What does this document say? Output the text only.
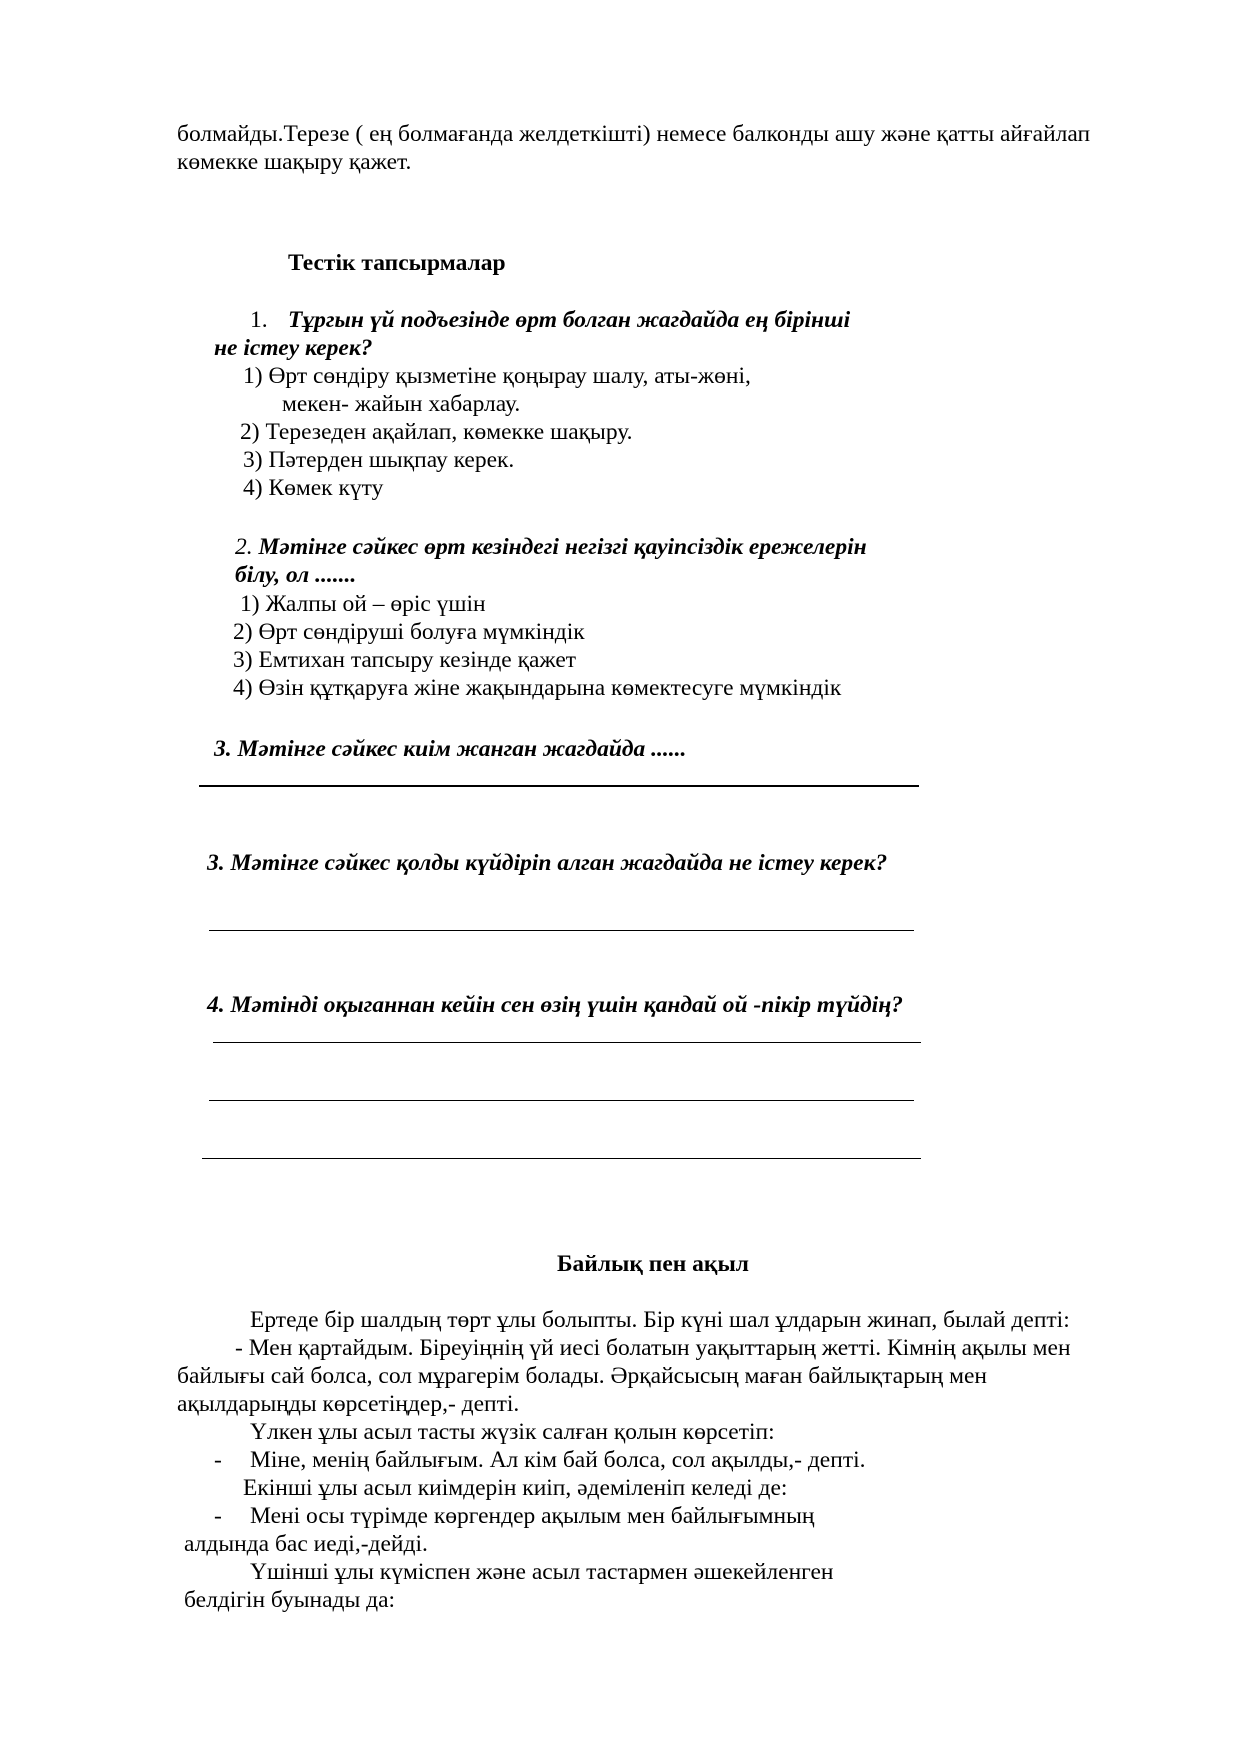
болмайды.Терезе ( ең болмағанда желдеткішті) немесе балконды ашу және қатты айғайлап
көмекке шақыру қажет.
Тестік тапсырмалар
1. Тұргын үй подъезінде өрт болган жагдайда ең бірінші
не істеу керек?
1) Өрт сөндіру қызметіне қоңырау шалу, аты-жөні,
мекен- жайын хабарлау.
2) Терезеден ақайлап, көмекке шақыру.
3) Пәтерден шықпау керек.
4) Көмек күту
2. Мәтінге сәйкес өрт кезіндегі негізгі қауіпсіздік ережелерін
білу, ол .......
1) Жалпы ой – өріс үшін
2) Өрт сөндіруші болуға мүмкіндік
3) Емтихан тапсыру кезінде қажет
4) Өзін құтқаруға жіне жақындарына көмектесуге мүмкіндік
3. Мәтінге сәйкес киім жанган жагдайда ......
3. Мәтінге сәйкес қолды күйдіріп алган жагдайда не істеу керек?
4. Мәтінді оқыганнан кейін сен өзің үшін қандай ой -пікір түйдің?
Байлық пен ақыл
Ертеде бір шалдың төрт ұлы болыпты. Бір күні шал ұлдарын жинап, былай депті:
- Мен қартайдым. Біреуіңнің үй иесі болатын уақыттарың жетті. Кімнің ақылы мен
байлығы сай болса, сол мұрагерім болады. Әрқайсысың маған байлықтарың мен
ақылдарыңды көрсетіңдер,- депті.
Үлкен ұлы асыл тасты жүзік салған қолын көрсетіп:
- Міне, менің байлығым. Ал кім бай болса, сол ақылды,- депті.
Екінші ұлы асыл киімдерін киіп, әдеміленіп келеді де:
- Мені осы түрімде көргендер ақылым мен байлығымның
алдында бас иеді,-дейді.
Үшінші ұлы күміспен және асыл тастармен әшекейленген
белдігін буынады да:
